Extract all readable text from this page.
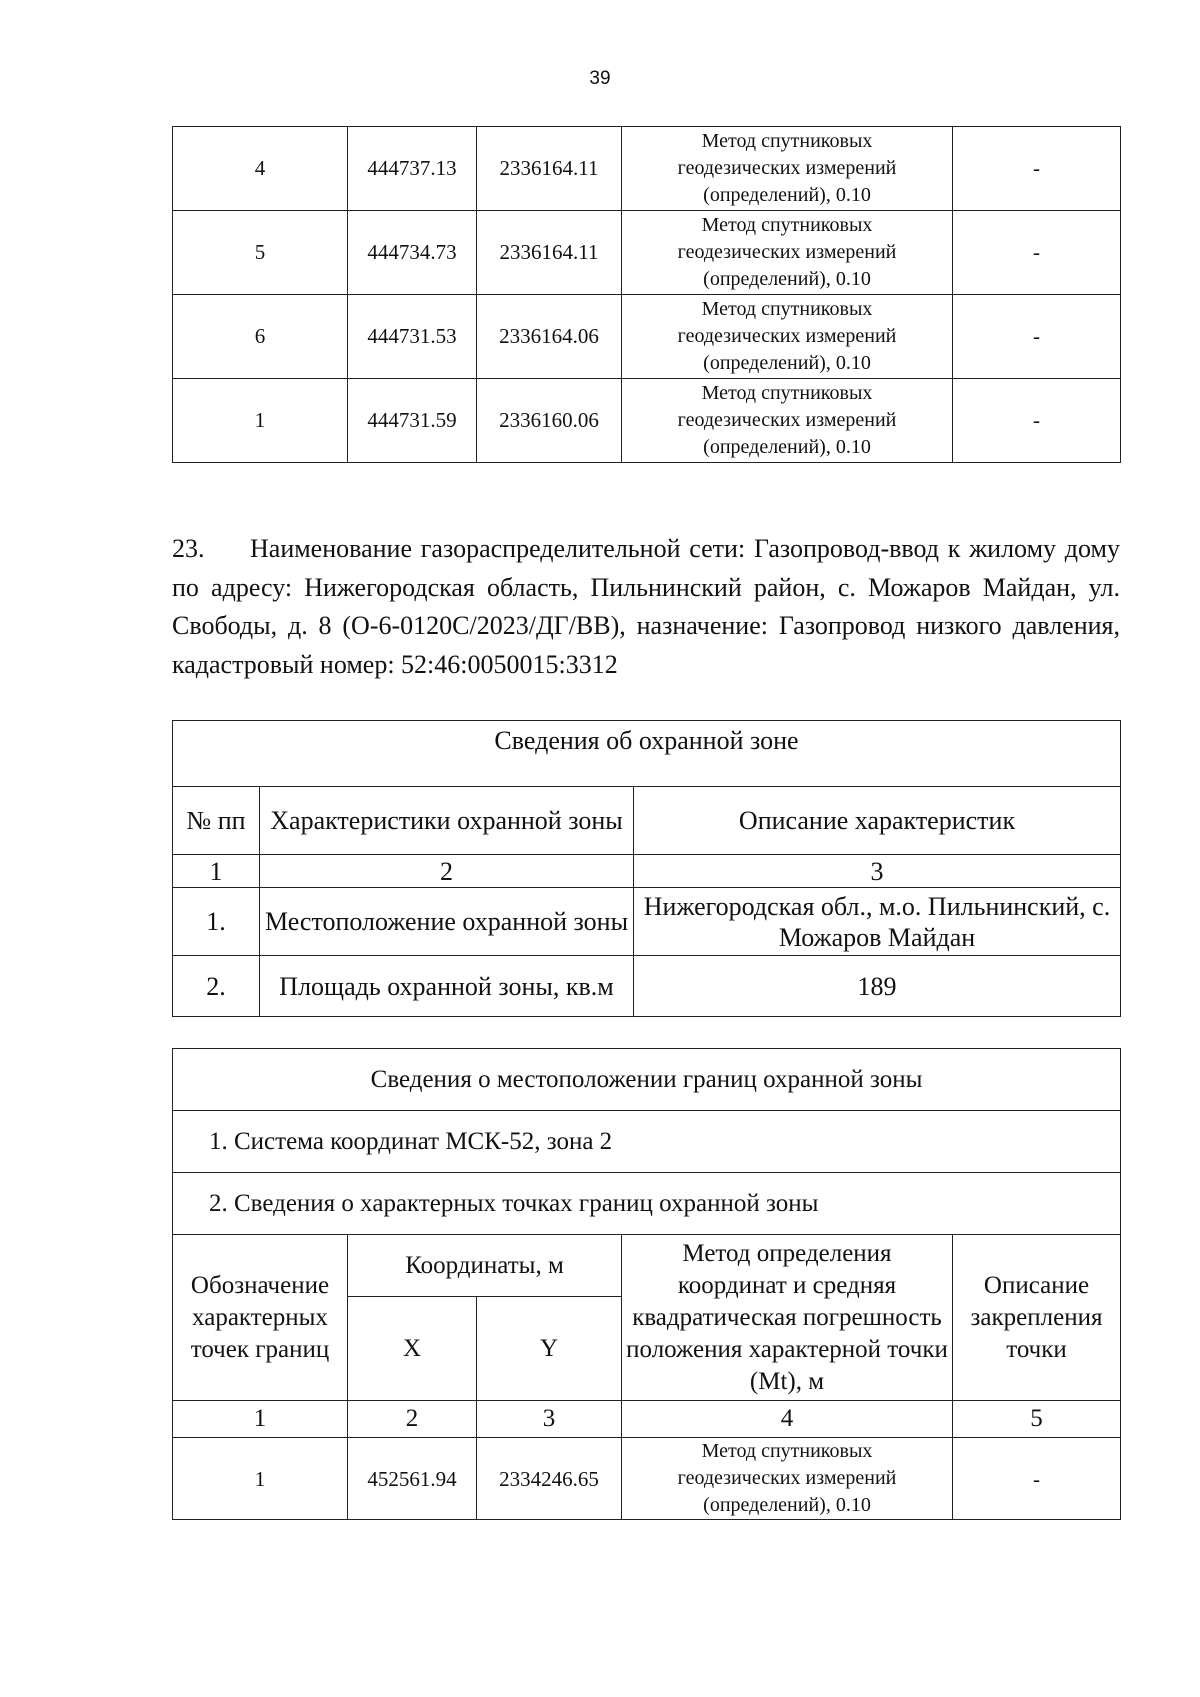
39
4	444737.13	2336164.11	Метод спутниковых
геодезических измерений
(определений), 0.10	-
5	444734.73	2336164.11	Метод спутниковых
геодезических измерений
(определений), 0.10	-
6	444731.53	2336164.06	Метод спутниковых
геодезических измерений
(определений), 0.10	-
1	444731.59	2336160.06	Метод спутниковых
геодезических измерений
(определений), 0.10	-
23. Наименование газораспределительной сети: Газопровод-ввод к жилому дому по адресу: Нижегородская область, Пильнинский район, с. Можаров Майдан, ул. Свободы, д. 8 (О-6-0120С/2023/ДГ/ВВ), назначение: Газопровод низкого давления, кадастровый номер: 52:46:0050015:3312
Сведения об охранной зоне		
№ пп	Характеристики охранной зоны	Описание характеристик
1	2	3
1.	Местоположение охранной зоны	Нижегородская обл., м.о. Пильнинский, с. Можаров Майдан
2.	Площадь охранной зоны, кв.м	189
Сведения о местоположении границ охранной зоны				
1. Система координат МСК-52, зона 2				
2. Сведения о характерных точках границ охранной зоны				
Обозначение характерных точек границ	Координаты, м		Метод определения координат и средняя квадратическая погрешность положения характерной точки (Mt), м	Описание закрепления точки
	X	Y		
1	2	3	4	5
1	452561.94	2334246.65	Метод спутниковых
геодезических измерений
(определений), 0.10	-
